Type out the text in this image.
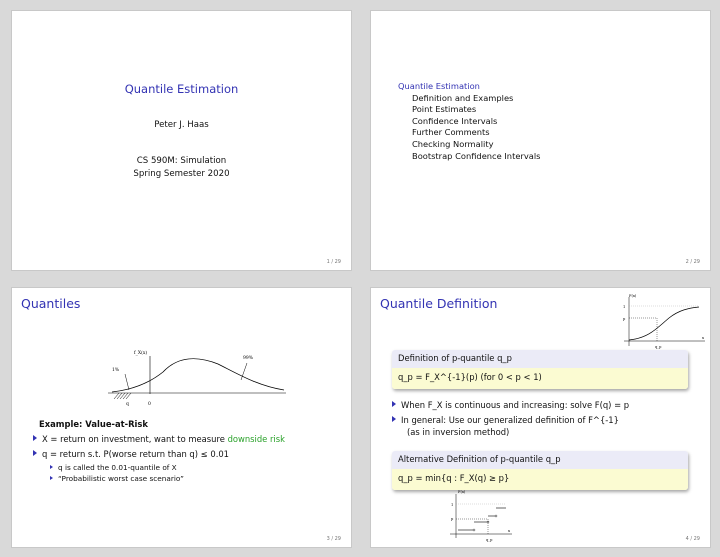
Quantile Estimation
Peter J. Haas
CS 590M: Simulation
Spring Semester 2020
1 / 29
Quantile Estimation
Definition and Examples
Point Estimates
Confidence Intervals
Further Comments
Checking Normality
Bootstrap Confidence Intervals
2 / 29
Quantiles
f_X(x)
1%
99%
q	0
Example: Value-at-Risk
X = return on investment, want to measure downside risk
q = return s.t. P(worse return than q) ≤ 0.01
q is called the 0.01-quantile of X
“Probabilistic worst case scenario”
3 / 29
Quantile Definition	F(x)
1
p
x
q_p
Definition of p-quantile q_p
q_p = F_X^{-1}(p) (for 0 < p < 1)
When F_X is continuous and increasing: solve F(q) = p
In general: Use our generalized definition of F^{-1}
(as in inversion method)
Alternative Definition of p-quantile q_p
q_p = min{q : F_X(q) ≥ p}
F(x)
1
p
x
q_p	4 / 29
